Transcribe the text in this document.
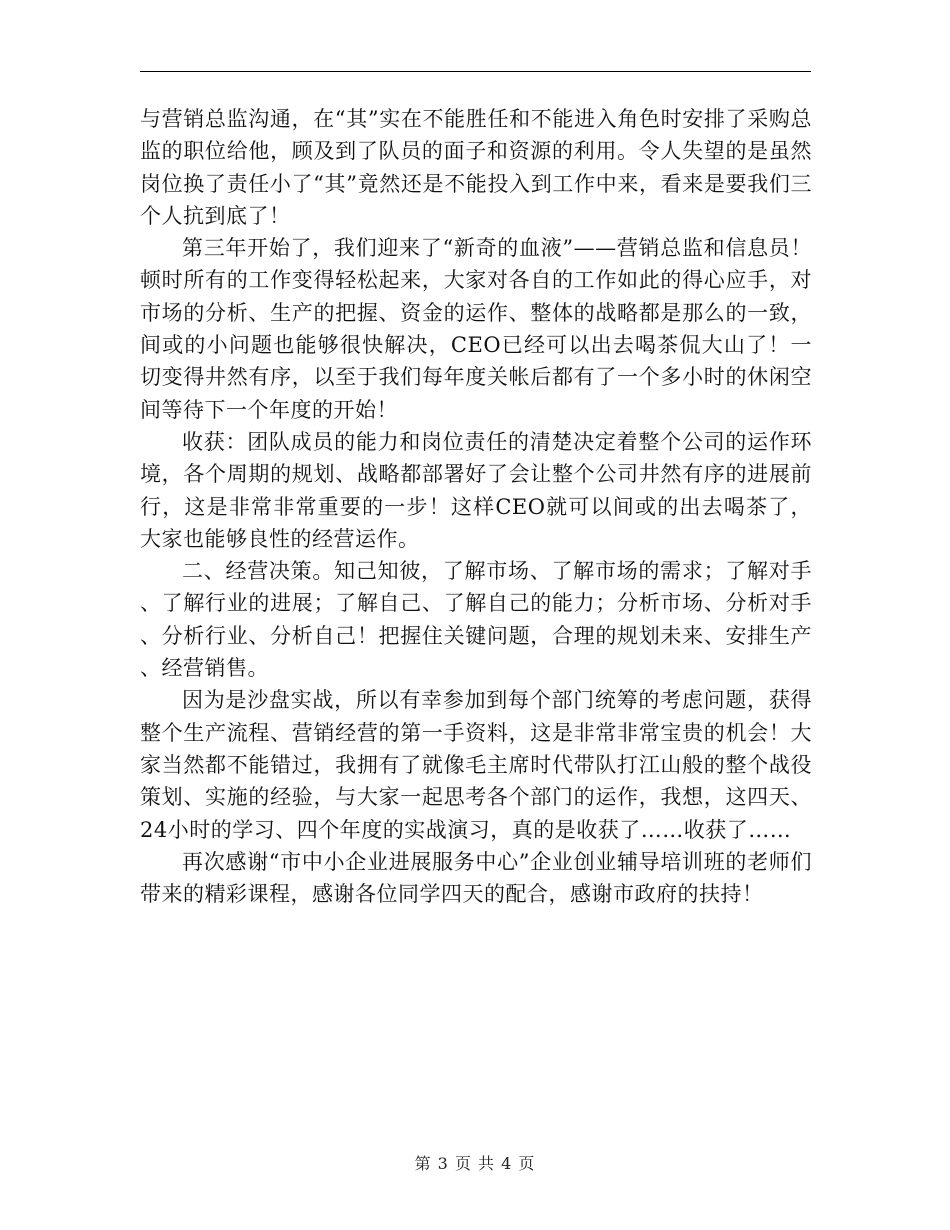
与营销总监沟通，在“其”实在不能胜任和不能进入角色时安排了采购总监的职位给他，顾及到了队员的面子和资源的利用。令人失望的是虽然岗位换了责任小了“其”竟然还是不能投入到工作中来，看来是要我们三个人抗到底了！

第三年开始了，我们迎来了“新奇的血液”——营销总监和信息员！顿时所有的工作变得轻松起来，大家对各自的工作如此的得心应手，对市场的分析、生产的把握、资金的运作、整体的战略都是那么的一致，间或的小问题也能够很快解决，CEO已经可以出去喝茶侃大山了！一切变得井然有序，以至于我们每年度关帐后都有了一个多小时的休闲空间等待下一个年度的开始！

收获：团队成员的能力和岗位责任的清楚决定着整个公司的运作环境，各个周期的规划、战略都部署好了会让整个公司井然有序的进展前行，这是非常非常重要的一步！这样CEO就可以间或的出去喝茶了，大家也能够良性的经营运作。

二、经营决策。知己知彼，了解市场、了解市场的需求；了解对手、了解行业的进展；了解自己、了解自己的能力；分析市场、分析对手、分析行业、分析自己！把握住关键问题，合理的规划未来、安排生产、经营销售。

因为是沙盘实战，所以有幸参加到每个部门统筹的考虑问题，获得整个生产流程、营销经营的第一手资料，这是非常非常宝贵的机会！大家当然都不能错过，我拥有了就像毛主席时代带队打江山般的整个战役策划、实施的经验，与大家一起思考各个部门的运作，我想，这四天、24小时的学习、四个年度的实战演习，真的是收获了……收获了……

再次感谢“市中小企业进展服务中心”企业创业辅导培训班的老师们带来的精彩课程，感谢各位同学四天的配合，感谢市政府的扶持！

第 3 页 共 4 页
